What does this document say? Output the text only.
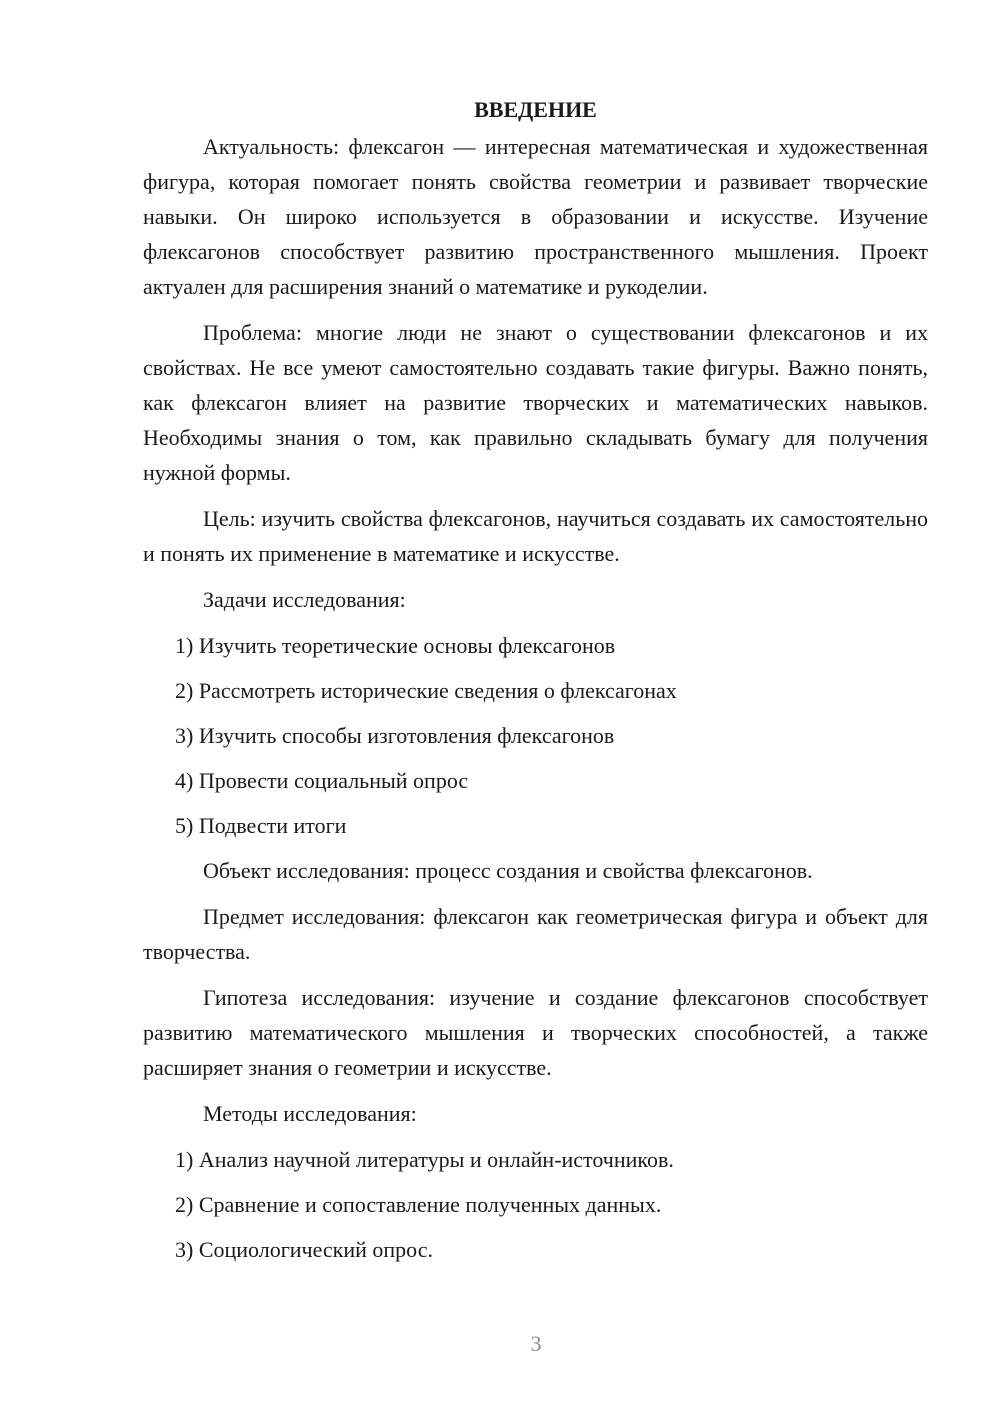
ВВЕДЕНИЕ

Актуальность: флексагон — интересная математическая и художественная фигура, которая помогает понять свойства геометрии и развивает творческие навыки. Он широко используется в образовании и искусстве. Изучение флексагонов способствует развитию пространственного мышления. Проект актуален для расширения знаний о математике и рукоделии.

Проблема: многие люди не знают о существовании флексагонов и их свойствах. Не все умеют самостоятельно создавать такие фигуры. Важно понять, как флексагон влияет на развитие творческих и математических навыков. Необходимы знания о том, как правильно складывать бумагу для получения нужной формы.

Цель: изучить свойства флексагонов, научиться создавать их самостоятельно и понять их применение в математике и искусстве.

Задачи исследования:

1) Изучить теоретические основы флексагонов
2) Рассмотреть исторические сведения о флексагонах
3) Изучить способы изготовления флексагонов
4) Провести социальный опрос
5) Подвести итоги

Объект исследования: процесс создания и свойства флексагонов.

Предмет исследования: флексагон как геометрическая фигура и объект для творчества.

Гипотеза исследования: изучение и создание флексагонов способствует развитию математического мышления и творческих способностей, а также расширяет знания о геометрии и искусстве.

Методы исследования:

1) Анализ научной литературы и онлайн-источников.
2) Сравнение и сопоставление полученных данных.
3) Социологический опрос.
3
